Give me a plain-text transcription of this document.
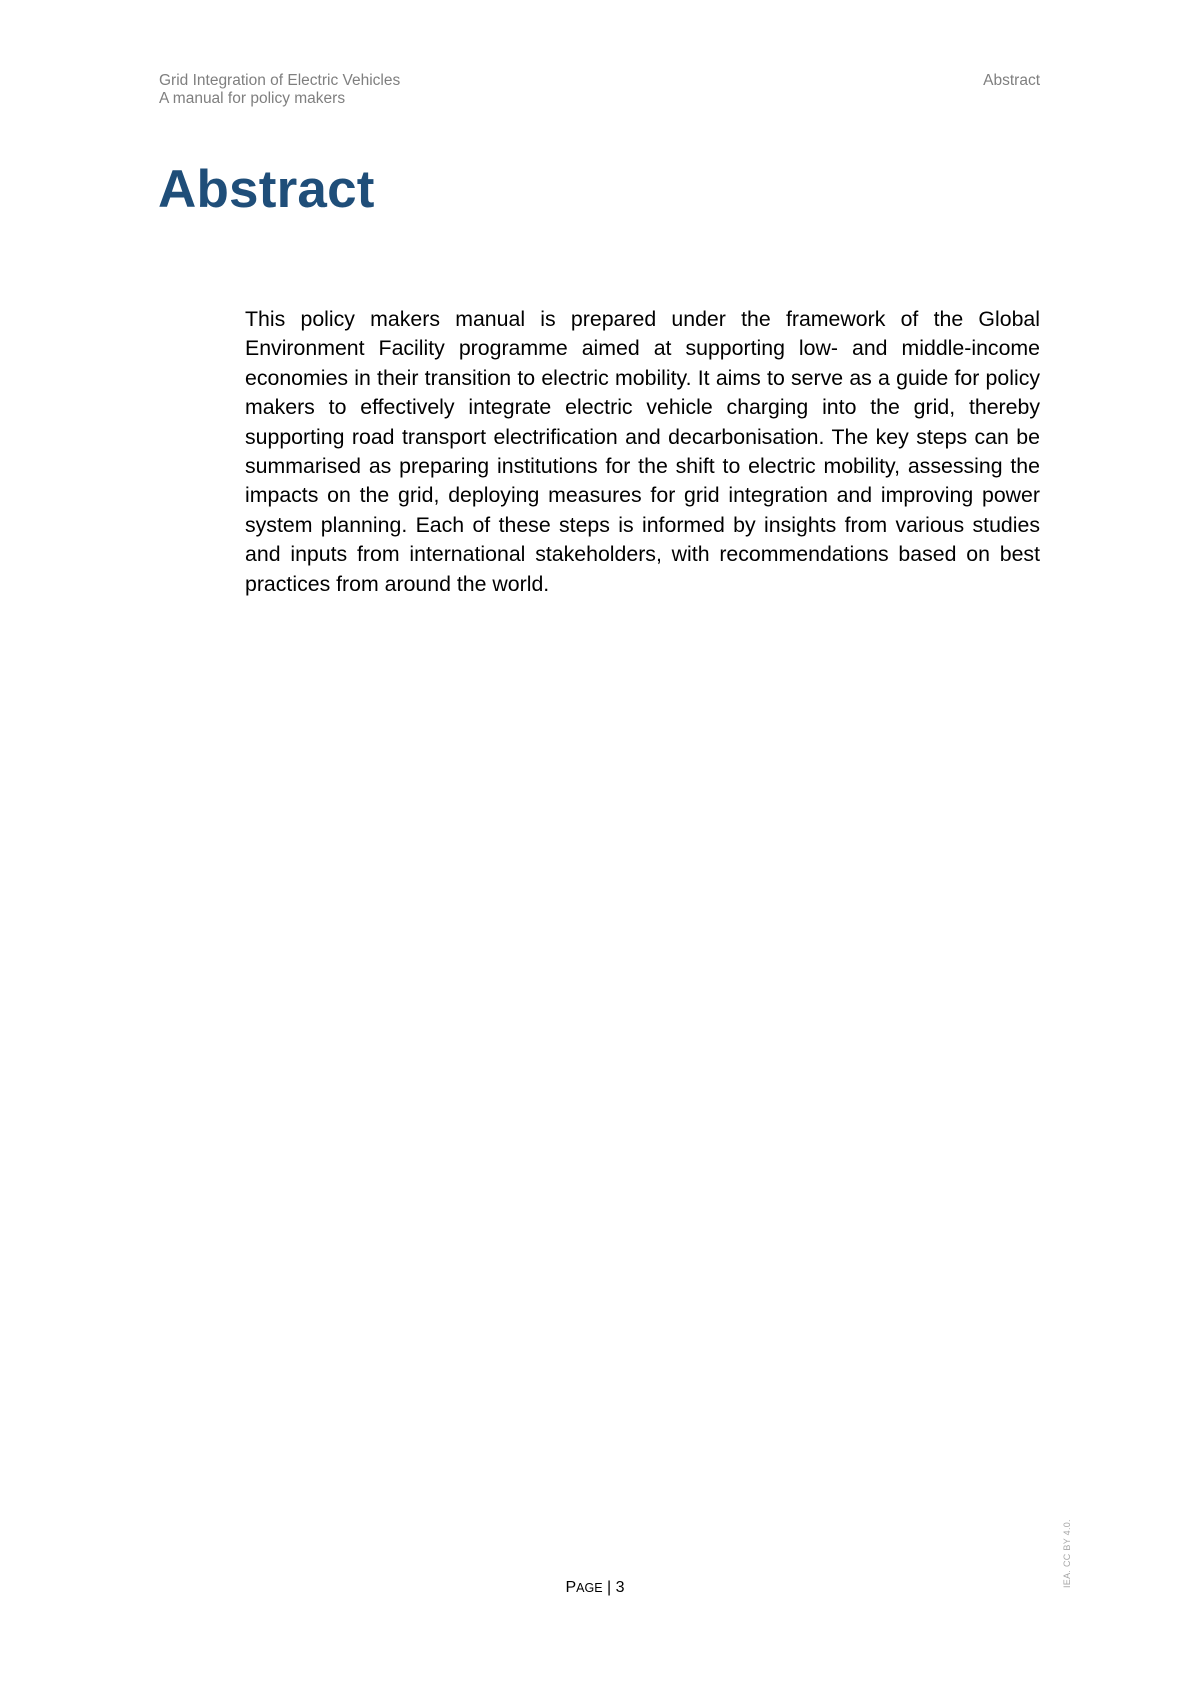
Grid Integration of Electric Vehicles
A manual for policy makers
Abstract
Abstract

This policy makers manual is prepared under the framework of the Global Environment Facility programme aimed at supporting low- and middle-income economies in their transition to electric mobility. It aims to serve as a guide for policy makers to effectively integrate electric vehicle charging into the grid, thereby supporting road transport electrification and decarbonisation. The key steps can be summarised as preparing institutions for the shift to electric mobility, assessing the impacts on the grid, deploying measures for grid integration and improving power system planning. Each of these steps is informed by insights from various studies and inputs from international stakeholders, with recommendations based on best practices from around the world.

IEA. CC BY 4.0.
PAGE | 3
